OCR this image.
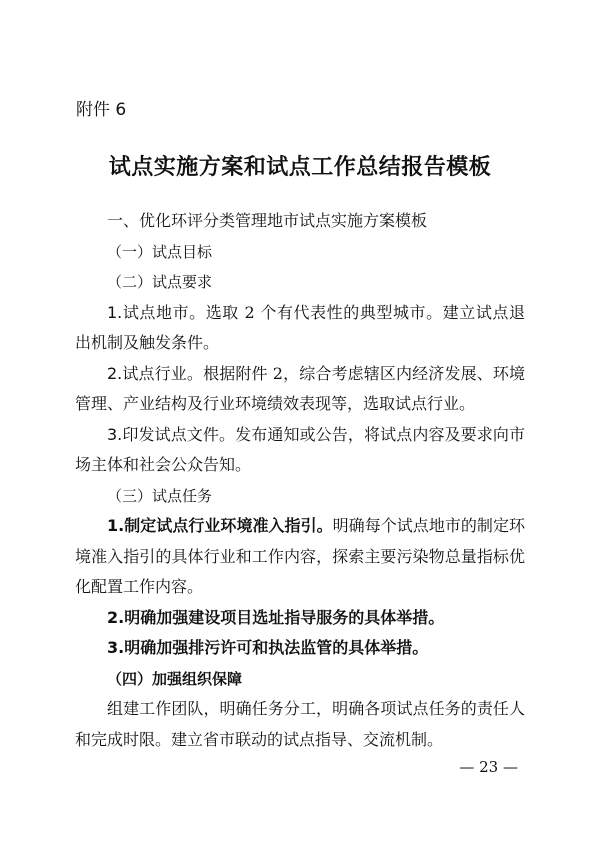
附件 6
试点实施方案和试点工作总结报告模板

一、优化环评分类管理地市试点实施方案模板

（一）试点目标

（二）试点要求

1.试点地市。选取 2 个有代表性的典型城市。建立试点退出机制及触发条件。

2.试点行业。根据附件 2，综合考虑辖区内经济发展、环境管理、产业结构及行业环境绩效表现等，选取试点行业。

3.印发试点文件。发布通知或公告，将试点内容及要求向市场主体和社会公众告知。

（三）试点任务

1.制定试点行业环境准入指引。明确每个试点地市的制定环境准入指引的具体行业和工作内容，探索主要污染物总量指标优化配置工作内容。

2.明确加强建设项目选址指导服务的具体举措。

3.明确加强排污许可和执法监管的具体举措。

（四）加强组织保障

组建工作团队，明确任务分工，明确各项试点任务的责任人和完成时限。建立省市联动的试点指导、交流机制。

— 23 —
